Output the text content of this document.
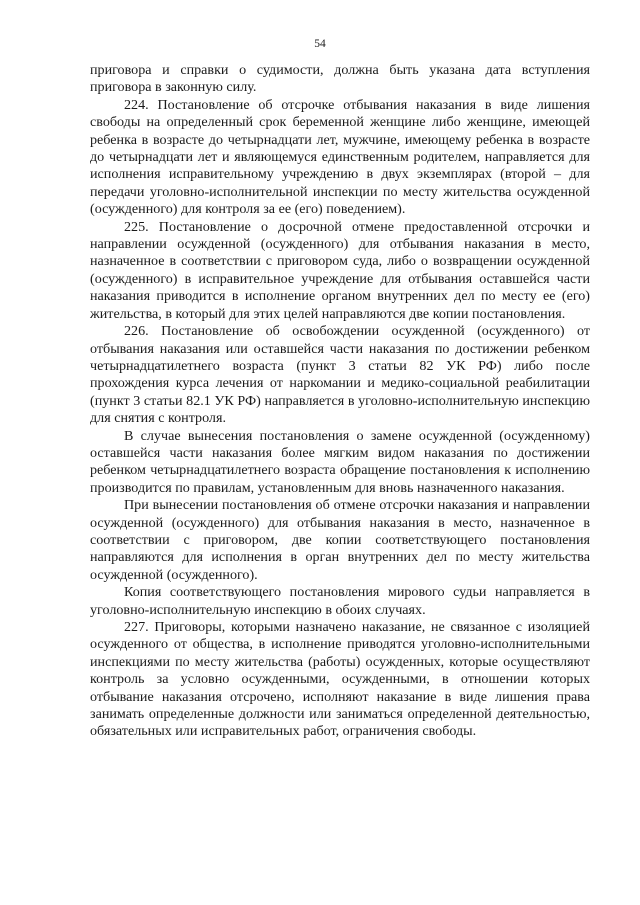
54

приговора и справки о судимости, должна быть указана дата вступления приговора в законную силу.

224. Постановление об отсрочке отбывания наказания в виде лишения свободы на определенный срок беременной женщине либо женщине, имеющей ребенка в возрасте до четырнадцати лет, мужчине, имеющему ребенка в возрасте до четырнадцати лет и являющемуся единственным родителем, направляется для исполнения исправительному учреждению в двух экземплярах (второй – для передачи уголовно-исполнительной инспекции по месту жительства осужденной (осужденного) для контроля за ее (его) поведением).

225. Постановление о досрочной отмене предоставленной отсрочки и направлении осужденной (осужденного) для отбывания наказания в место, назначенное в соответствии с приговором суда, либо о возвращении осужденной (осужденного) в исправительное учреждение для отбывания оставшейся части наказания приводится в исполнение органом внутренних дел по месту ее (его) жительства, в который для этих целей направляются две копии постановления.

226. Постановление об освобождении осужденной (осужденного) от отбывания наказания или оставшейся части наказания по достижении ребенком четырнадцатилетнего возраста (пункт 3 статьи 82 УК РФ) либо после прохождения курса лечения от наркомании и медико-социальной реабилитации (пункт 3 статьи 82.1 УК РФ) направляется в уголовно-исполнительную инспекцию для снятия с контроля.

В случае вынесения постановления о замене осужденной (осужденному) оставшейся части наказания более мягким видом наказания по достижении ребенком четырнадцатилетнего возраста обращение постановления к исполнению производится по правилам, установленным для вновь назначенного наказания.

При вынесении постановления об отмене отсрочки наказания и направлении осужденной (осужденного) для отбывания наказания в место, назначенное в соответствии с приговором, две копии соответствующего постановления направляются для исполнения в орган внутренних дел по месту жительства осужденной (осужденного).

Копия соответствующего постановления мирового судьи направляется в уголовно-исполнительную инспекцию в обоих случаях.

227. Приговоры, которыми назначено наказание, не связанное с изоляцией осужденного от общества, в исполнение приводятся уголовно-исполнительными инспекциями по месту жительства (работы) осужденных, которые осуществляют контроль за условно осужденными, осужденными, в отношении которых отбывание наказания отсрочено, исполняют наказание в виде лишения права занимать определенные должности или заниматься определенной деятельностью, обязательных или исправительных работ, ограничения свободы.
